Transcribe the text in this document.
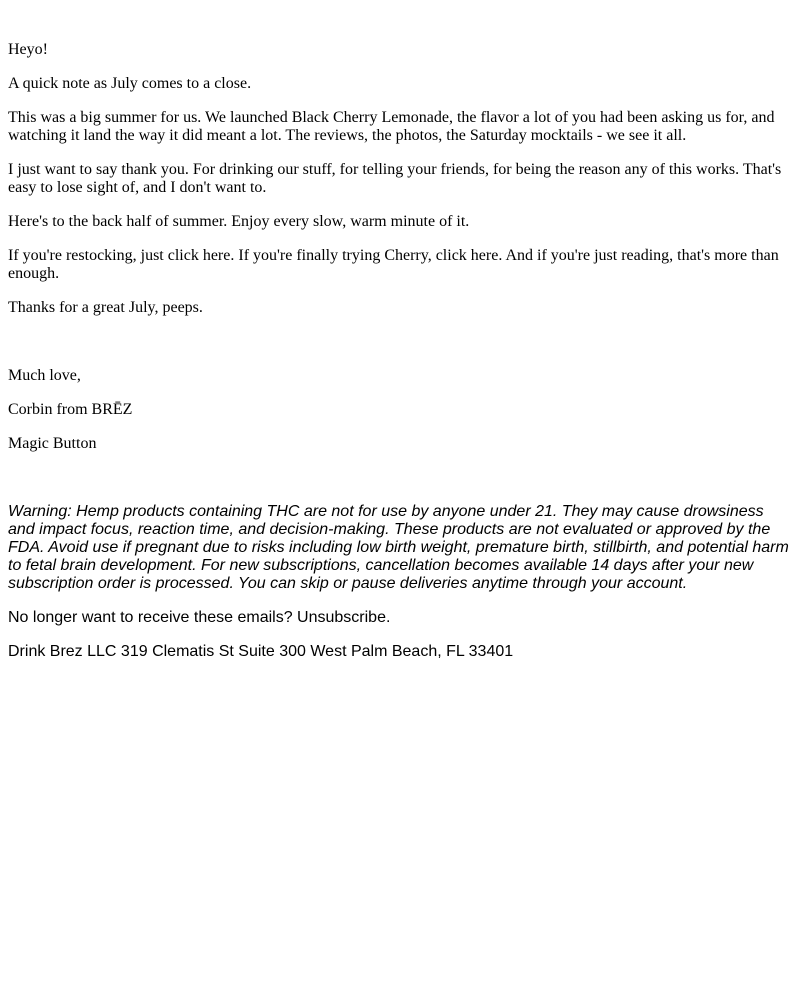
Heyo!

A quick note as July comes to a close.

This was a big summer for us. We launched Black Cherry Lemonade, the flavor a lot of you had been asking us for, and watching it land the way it did meant a lot. The reviews, the photos, the Saturday mocktails - we see it all.

I just want to say thank you. For drinking our stuff, for telling your friends, for being the reason any of this works. That's easy to lose sight of, and I don't want to.

Here's to the back half of summer. Enjoy every slow, warm minute of it.

If you're restocking, just click here. If you're finally trying Cherry, click here. And if you're just reading, that's more than enough.

Thanks for a great July, peeps.

Much love,

Corbin from BRĒZ

Magic Button

Warning: Hemp products containing THC are not for use by anyone under 21. They may cause drowsiness and impact focus, reaction time, and decision-making. These products are not evaluated or approved by the FDA. Avoid use if pregnant due to risks including low birth weight, premature birth, stillbirth, and potential harm to fetal brain development. For new subscriptions, cancellation becomes available 14 days after your new subscription order is processed. You can skip or pause deliveries anytime through your account.

No longer want to receive these emails? Unsubscribe.

Drink Brez LLC 319 Clematis St Suite 300 West Palm Beach, FL 33401
